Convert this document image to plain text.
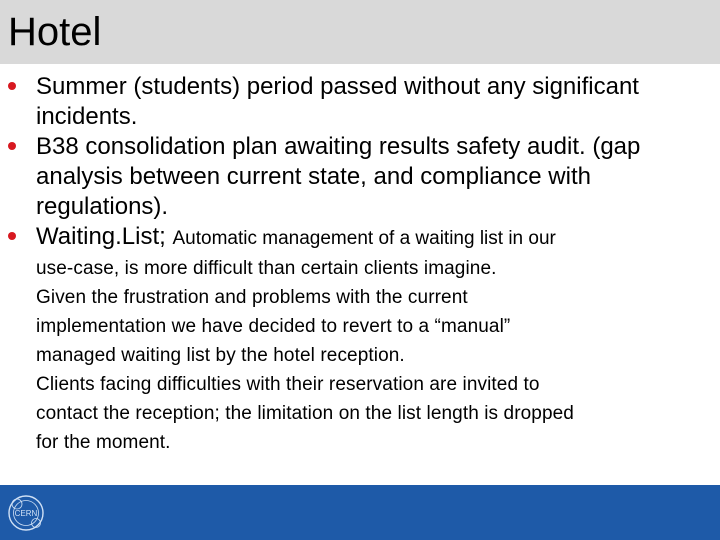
Hotel
Summer (students) period passed without any significant incidents.
B38 consolidation plan awaiting results safety audit. (gap analysis between current state, and compliance with regulations).
Waiting.List; Automatic management of a waiting list in our
use-case, is more difficult than certain clients imagine.
Given the frustration and problems with the current
implementation we have decided to revert to a “manual”
managed waiting list by the hotel reception.
Clients facing difficulties with their reservation are invited to
contact the reception; the limitation on the list length is dropped
for the moment.
CERN
